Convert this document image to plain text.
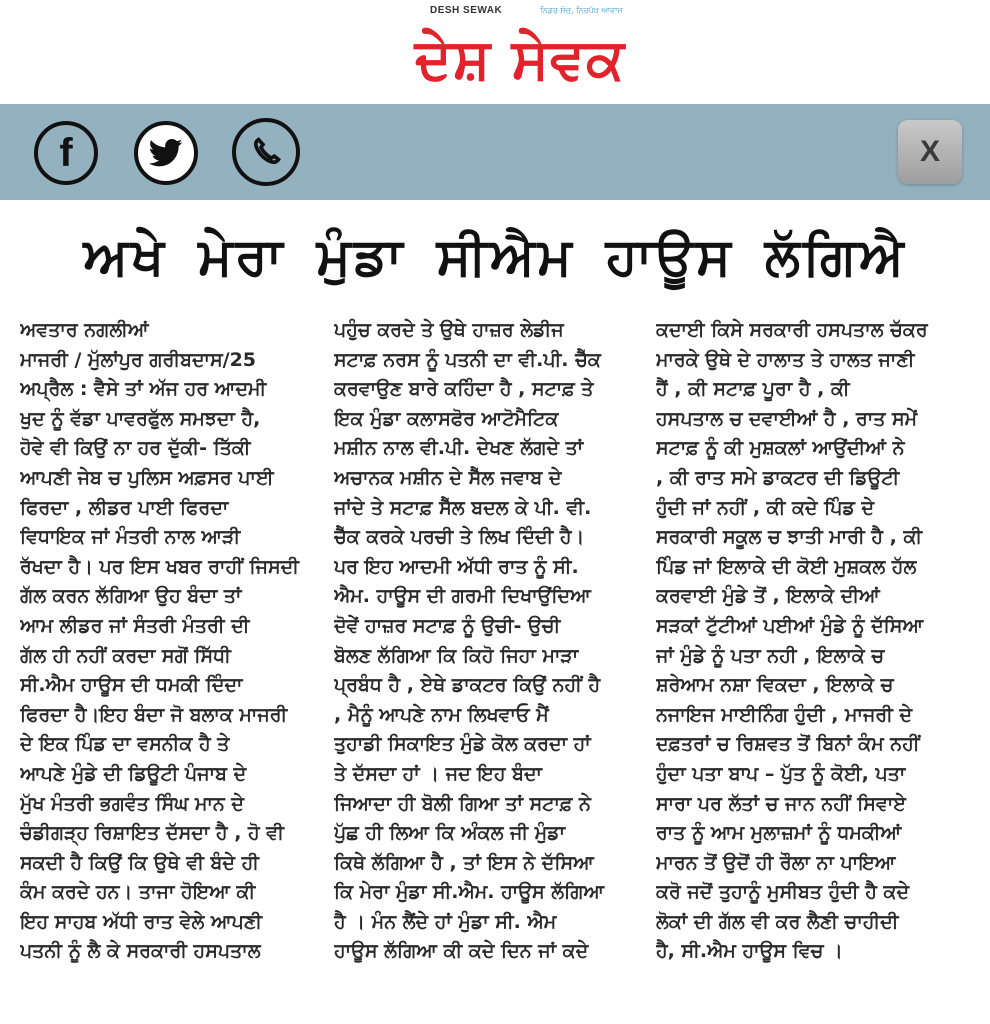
DESH SEWAK	ਨਿਡਰ ਸੋਚ, ਨਿਰਪੱਖ ਆਵਾਜ਼
ਦੇਸ਼ ਸੇਵਕ
f	X
ਅਖੇ ਮੇਰਾ ਮੁੰਡਾ ਸੀਐਮ ਹਾਊਸ ਲੱਗਿਐ
ਅਵਤਾਰ ਨਗਲੀਆਂ
ਮਾਜਰੀ / ਮੁੱਲਾਂਪੁਰ ਗਰੀਬਦਾਸ/25
ਅਪ੍ਰੈਲ : ਵੈਸੇ ਤਾਂ ਅੱਜ ਹਰ ਆਦਮੀ
ਖੁਦ ਨੂੰ ਵੱਡਾ ਪਾਵਰਫੁੱਲ ਸਮਝਦਾ ਹੈ,
ਹੋਵੇ ਵੀ ਕਿਉਂ ਨਾ ਹਰ ਦੁੱਕੀ- ਤਿੱਕੀ
ਆਪਣੀ ਜੇਬ ਚ ਪੁਲਿਸ ਅਫ਼ਸਰ ਪਾਈ
ਫਿਰਦਾ , ਲੀਡਰ ਪਾਈ ਫਿਰਦਾ
ਵਿਧਾਇਕ ਜਾਂ ਮੰਤਰੀ ਨਾਲ ਆੜੀ
ਰੱਖਦਾ ਹੈ। ਪਰ ਇਸ ਖਬਰ ਰਾਹੀਂ ਜਿਸਦੀ
ਗੱਲ ਕਰਨ ਲੱਗਿਆ ਉਹ ਬੰਦਾ ਤਾਂ
ਆਮ ਲੀਡਰ ਜਾਂ ਸੰਤਰੀ ਮੰਤਰੀ ਦੀ
ਗੱਲ ਹੀ ਨਹੀਂ ਕਰਦਾ ਸਗੋਂ ਸਿੱਧੀ
ਸੀ.ਐਮ ਹਾਊਸ ਦੀ ਧਮਕੀ ਦਿੰਦਾ
ਫਿਰਦਾ ਹੈ।ਇਹ ਬੰਦਾ ਜੋ ਬਲਾਕ ਮਾਜਰੀ
ਦੇ ਇਕ ਪਿੰਡ ਦਾ ਵਸਨੀਕ ਹੈ ਤੇ
ਆਪਣੇ ਮੁੰਡੇ ਦੀ ਡਿਊਟੀ ਪੰਜਾਬ ਦੇ
ਮੁੱਖ ਮੰਤਰੀ ਭਗਵੰਤ ਸਿੰਘ ਮਾਨ ਦੇ
ਚੰਡੀਗੜ੍ਹ ਰਿਸ਼ਾਇਤ ਦੱਸਦਾ ਹੈ , ਹੋ ਵੀ
ਸਕਦੀ ਹੈ ਕਿਉਂ ਕਿ ਉਥੇ ਵੀ ਬੰਦੇ ਹੀ
ਕੰਮ ਕਰਦੇ ਹਨ। ਤਾਜਾ ਹੋਇਆ ਕੀ
ਇਹ ਸਾਹਬ ਅੱਧੀ ਰਾਤ ਵੇਲੇ ਆਪਣੀ
ਪਤਨੀ ਨੂੰ ਲੈ ਕੇ ਸਰਕਾਰੀ ਹਸਪਤਾਲ
ਪਹੁੰਚ ਕਰਦੇ ਤੇ ਉਥੇ ਹਾਜ਼ਰ ਲੇਡੀਜ
ਸਟਾਫ਼ ਨਰਸ ਨੂੰ ਪਤਨੀ ਦਾ ਵੀ.ਪੀ. ਚੈੱਕ
ਕਰਵਾਉਣ ਬਾਰੇ ਕਹਿੰਦਾ ਹੈ , ਸਟਾਫ਼ ਤੇ
ਇਕ ਮੁੰਡਾ ਕਲਾਸਫੋਰ ਆਟੋਮੈਟਿਕ
ਮਸ਼ੀਨ ਨਾਲ ਵੀ.ਪੀ. ਦੇਖਣ ਲੱਗਦੇ ਤਾਂ
ਅਚਾਨਕ ਮਸ਼ੀਨ ਦੇ ਸੈੱਲ ਜਵਾਬ ਦੇ
ਜਾਂਦੇ ਤੇ ਸਟਾਫ਼ ਸੈੱਲ ਬਦਲ ਕੇ ਪੀ. ਵੀ.
ਚੈੱਕ ਕਰਕੇ ਪਰਚੀ ਤੇ ਲਿਖ ਦਿੰਦੀ ਹੈ।
ਪਰ ਇਹ ਆਦਮੀ ਅੱਧੀ ਰਾਤ ਨੂੰ ਸੀ.
ਐਮ. ਹਾਊਸ ਦੀ ਗਰਮੀ ਦਿਖਾਉਂਦਿਆ
ਦੋਵੇਂ ਹਾਜ਼ਰ ਸਟਾਫ਼ ਨੂੰ ਉਚੀ- ਉਚੀ
ਬੋਲਣ ਲੱਗਿਆ ਕਿ ਕਿਹੋ ਜਿਹਾ ਮਾੜਾ
ਪ੍ਰਬੰਧ ਹੈ , ਏਥੇ ਡਾਕਟਰ ਕਿਉਂ ਨਹੀਂ ਹੈ
, ਮੈਨੂੰ ਆਪਣੇ ਨਾਮ ਲਿਖਵਾਓ ਮੈਂ
ਤੁਹਾਡੀ ਸਿਕਾਇਤ ਮੁੰਡੇ ਕੋਲ ਕਰਦਾ ਹਾਂ
ਤੇ ਦੱਸਦਾ ਹਾਂ । ਜਦ ਇਹ ਬੰਦਾ
ਜਿਆਦਾ ਹੀ ਬੋਲੀ ਗਿਆ ਤਾਂ ਸਟਾਫ਼ ਨੇ
ਪੁੱਛ ਹੀ ਲਿਆ ਕਿ ਅੰਕਲ ਜੀ ਮੁੰਡਾ
ਕਿਥੇ ਲੱਗਿਆ ਹੈ , ਤਾਂ ਇਸ ਨੇ ਦੱਸਿਆ
ਕਿ ਮੇਰਾ ਮੁੰਡਾ ਸੀ.ਐਮ. ਹਾਊਸ ਲੱਗਿਆ
ਹੈ । ਮੰਨ ਲੈਂਦੇ ਹਾਂ ਮੁੰਡਾ ਸੀ. ਐਮ
ਹਾਊਸ ਲੱਗਿਆ ਕੀ ਕਦੇ ਦਿਨ ਜਾਂ ਕਦੇ
ਕਦਾਈ ਕਿਸੇ ਸਰਕਾਰੀ ਹਸਪਤਾਲ ਚੱਕਰ
ਮਾਰਕੇ ਉਥੇ ਦੇ ਹਾਲਾਤ ਤੇ ਹਾਲਤ ਜਾਣੀ
ਹੈਂ , ਕੀ ਸਟਾਫ਼ ਪੂਰਾ ਹੈ , ਕੀ
ਹਸਪਤਾਲ ਚ ਦਵਾਈਆਂ ਹੈ , ਰਾਤ ਸਮੇਂ
ਸਟਾਫ਼ ਨੂੰ ਕੀ ਮੁਸ਼ਕਲਾਂ ਆਉਂਦੀਆਂ ਨੇ
, ਕੀ ਰਾਤ ਸਮੇ ਡਾਕਟਰ ਦੀ ਡਿਊਟੀ
ਹੁੰਦੀ ਜਾਂ ਨਹੀਂ , ਕੀ ਕਦੇ ਪਿੰਡ ਦੇ
ਸਰਕਾਰੀ ਸਕੂਲ ਚ ਝਾਤੀ ਮਾਰੀ ਹੈ , ਕੀ
ਪਿੰਡ ਜਾਂ ਇਲਾਕੇ ਦੀ ਕੋਈ ਮੁਸ਼ਕਲ ਹੱਲ
ਕਰਵਾਈ ਮੁੰਡੇ ਤੋਂ , ਇਲਾਕੇ ਦੀਆਂ
ਸੜਕਾਂ ਟੁੱਟੀਆਂ ਪਈਆਂ ਮੁੰਡੇ ਨੂੰ ਦੱਸਿਆ
ਜਾਂ ਮੁੰਡੇ ਨੂੰ ਪਤਾ ਨਹੀ , ਇਲਾਕੇ ਚ
ਸ਼ਰੇਆਮ ਨਸ਼ਾ ਵਿਕਦਾ , ਇਲਾਕੇ ਚ
ਨਜਾਇਜ ਮਾਈਨਿੰਗ ਹੁੰਦੀ , ਮਾਜਰੀ ਦੇ
ਦਫ਼ਤਰਾਂ ਚ ਰਿਸ਼ਵਤ ਤੋਂ ਬਿਨਾਂ ਕੰਮ ਨਹੀਂ
ਹੁੰਦਾ ਪਤਾ ਬਾਪ – ਪੁੱਤ ਨੂੰ ਕੋਈ, ਪਤਾ
ਸਾਰਾ ਪਰ ਲੱਤਾਂ ਚ ਜਾਨ ਨਹੀਂ ਸਿਵਾਏ
ਰਾਤ ਨੂੰ ਆਮ ਮੁਲਾਜ਼ਮਾਂ ਨੂੰ ਧਮਕੀਆਂ
ਮਾਰਨ ਤੋਂ ਉਦੋਂ ਹੀ ਰੌਲਾ ਨਾ ਪਾਇਆ
ਕਰੋ ਜਦੋਂ ਤੁਹਾਨੂੰ ਮੁਸੀਬਤ ਹੁੰਦੀ ਹੈ ਕਦੇ
ਲੋਕਾਂ ਦੀ ਗੱਲ ਵੀ ਕਰ ਲੈਣੀ ਚਾਹੀਦੀ
ਹੈ, ਸੀ.ਐਮ ਹਾਊਸ ਵਿਚ ।
